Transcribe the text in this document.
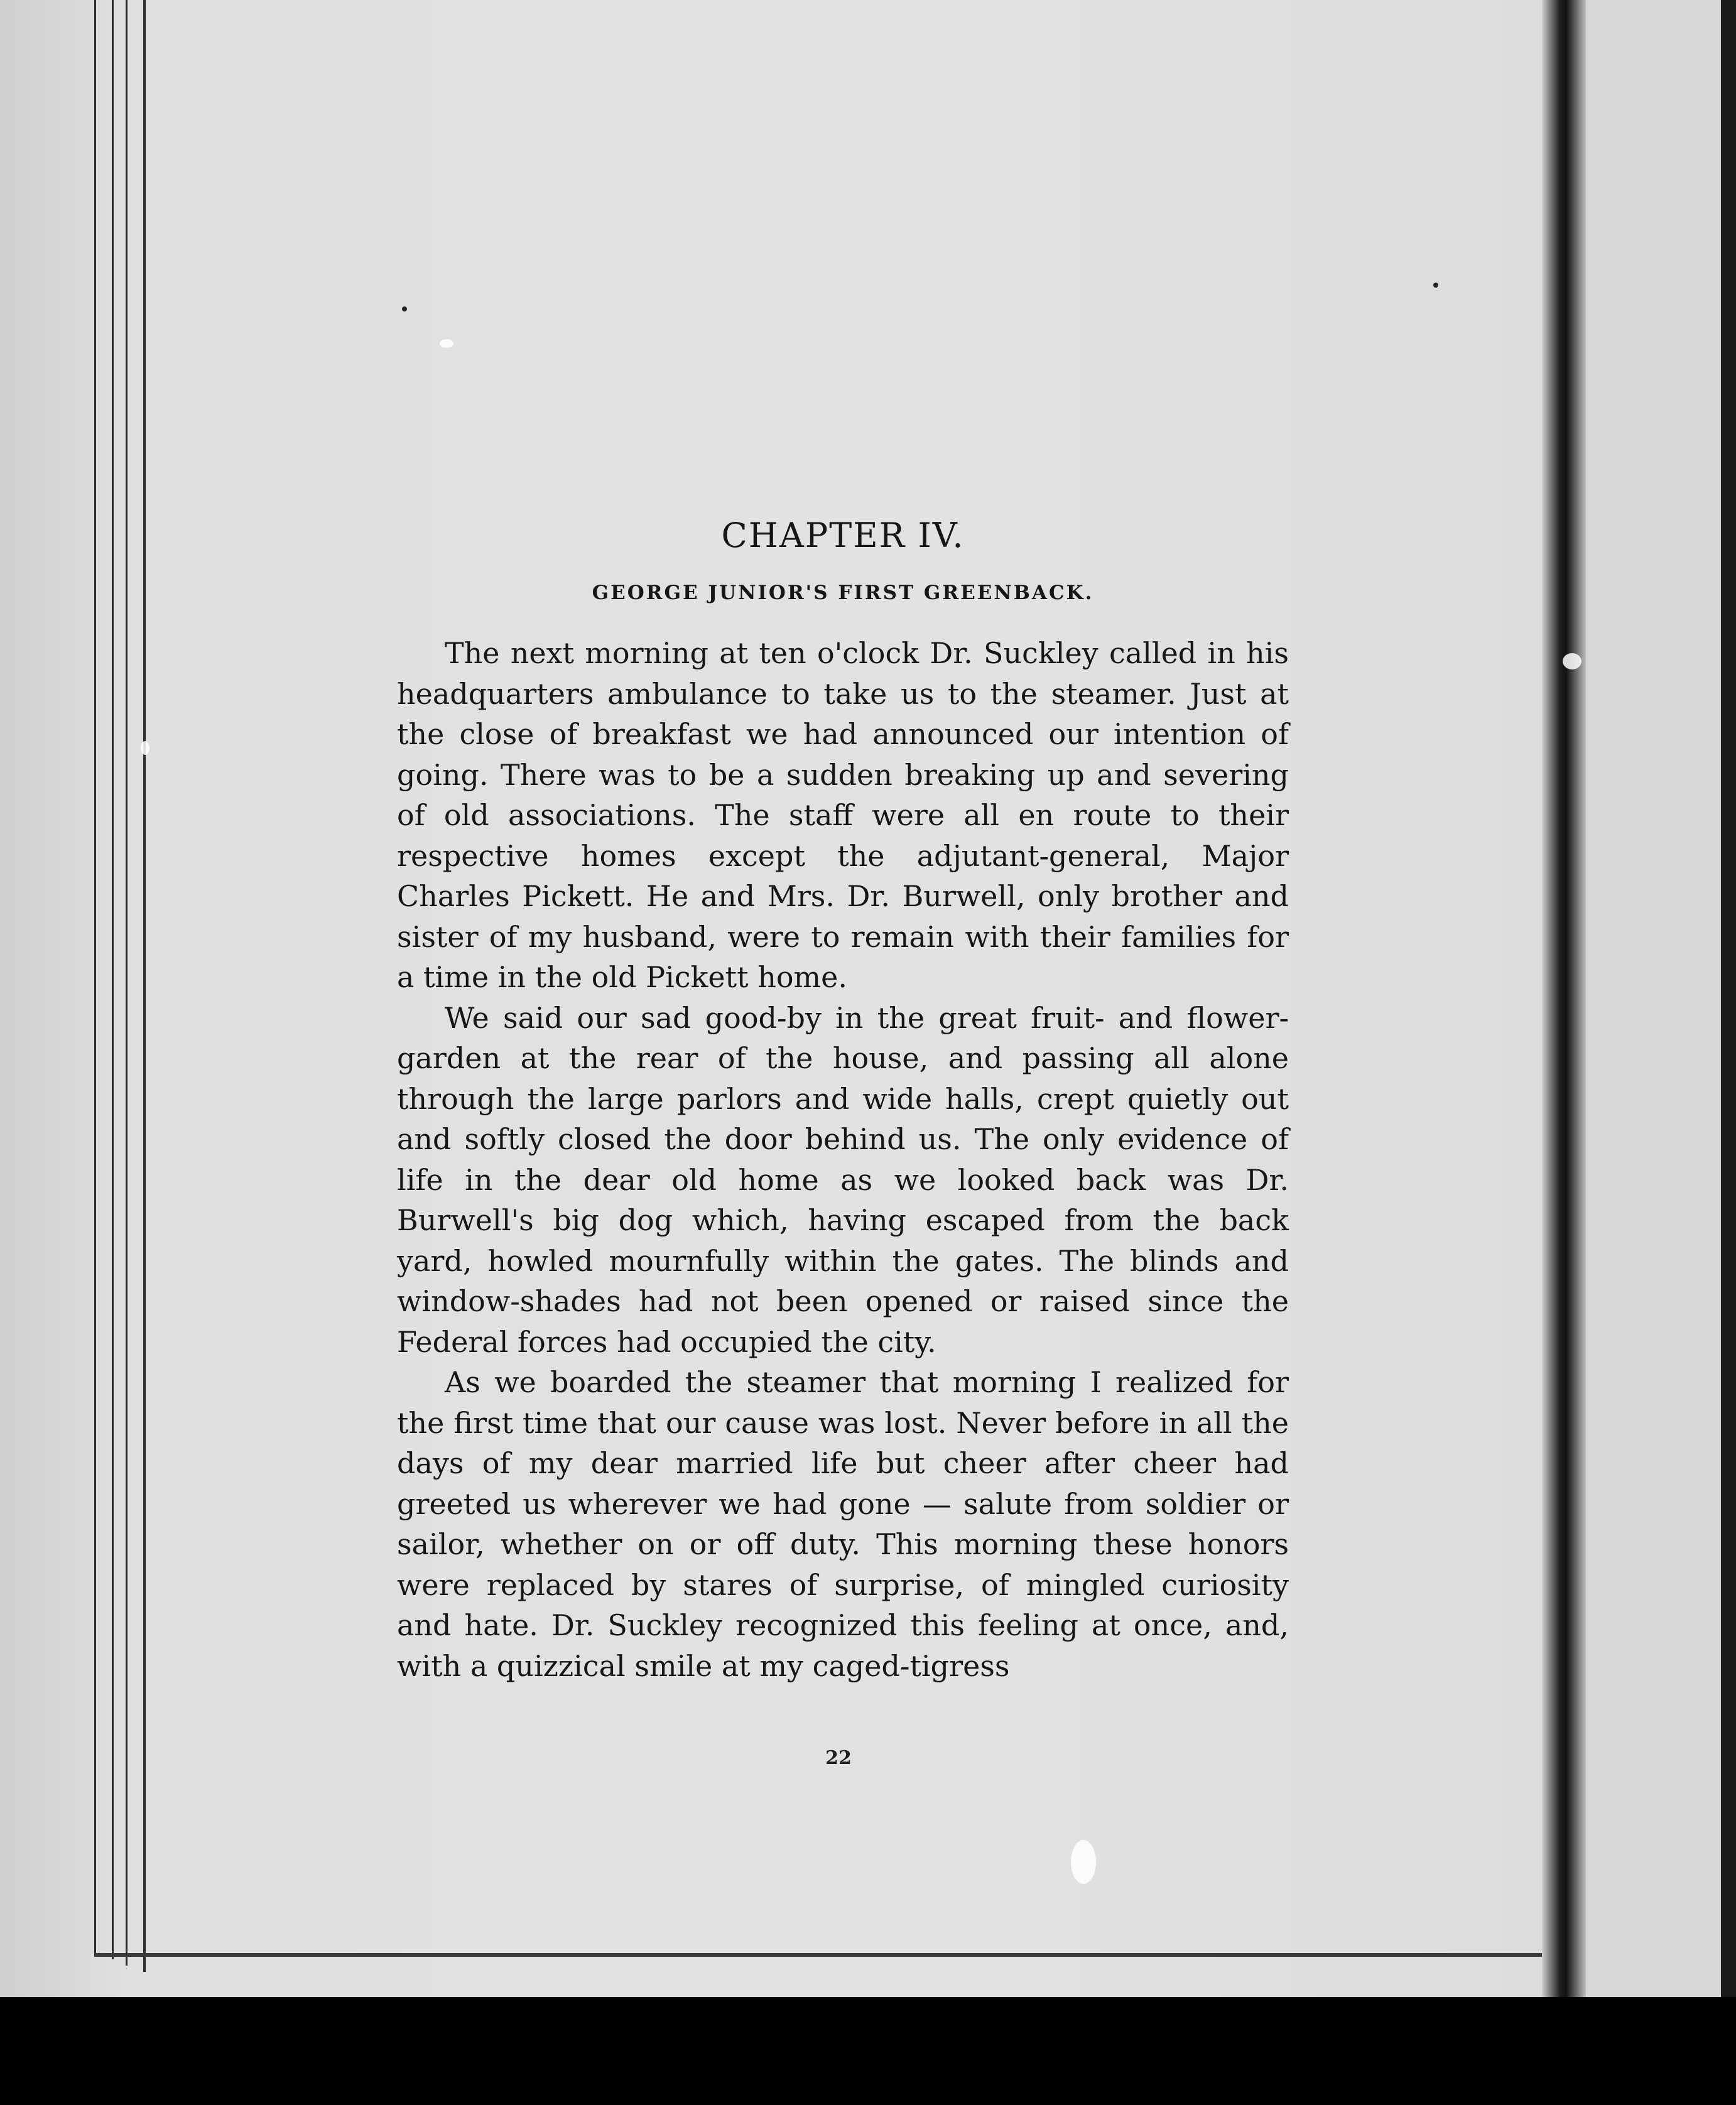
CHAPTER IV.
GEORGE JUNIOR'S FIRST GREENBACK.

The next morning at ten o'clock Dr. Suckley called in his headquarters ambulance to take us to the steamer. Just at the close of breakfast we had announced our intention of going. There was to be a sudden breaking up and severing of old associations. The staff were all en route to their respective homes except the adjutant-general, Major Charles Pickett. He and Mrs. Dr. Burwell, only brother and sister of my husband, were to remain with their families for a time in the old Pickett home.

We said our sad good-by in the great fruit- and flower-garden at the rear of the house, and passing all alone through the large parlors and wide halls, crept quietly out and softly closed the door behind us. The only evidence of life in the dear old home as we looked back was Dr. Burwell's big dog which, having escaped from the back yard, howled mournfully within the gates. The blinds and window-shades had not been opened or raised since the Federal forces had occupied the city.

As we boarded the steamer that morning I realized for the first time that our cause was lost. Never before in all the days of my dear married life but cheer after cheer had greeted us wherever we had gone — salute from soldier or sailor, whether on or off duty. This morning these honors were replaced by stares of surprise, of mingled curiosity and hate. Dr. Suckley recognized this feeling at once, and, with a quizzical smile at my caged-tigress

22
